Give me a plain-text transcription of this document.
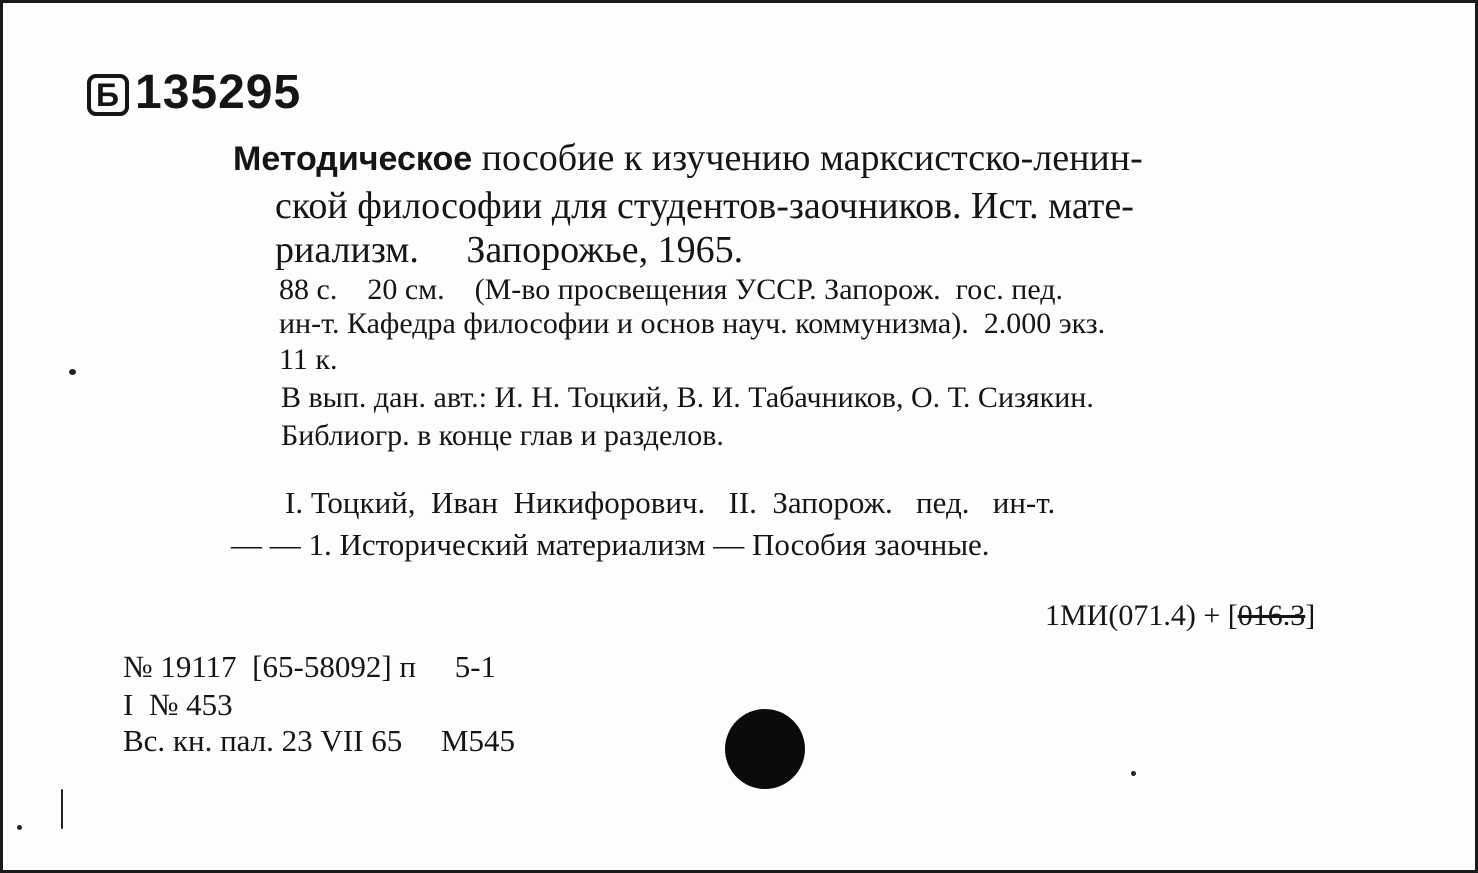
Б 135295
Методическое пособие к изучению марксистско-ленин-
ской философии для студентов-заочников. Ист. мате-
риализм.     Запорожье, 1965.
88 с.    20 см.    (М-во просвещения УССР. Запорож.  гос. пед.
ин-т. Кафедра философии и основ науч. коммунизма).  2.000 экз.
11 к.
В вып. дан. авт.: И. Н. Тоцкий, В. И. Табачников, О. Т. Сизякин.
Библиогр. в конце глав и разделов.
I. Тоцкий,  Иван  Никифорович.   II.  Запорож.   пед.   ин-т.
— — 1. Исторический материализм — Пособия заочные.
1МИ(071.4) + [016.3]
№ 19117  [65-58092] п     5-1
I  № 453
Вс. кн. пал. 23 VII 65     М545
